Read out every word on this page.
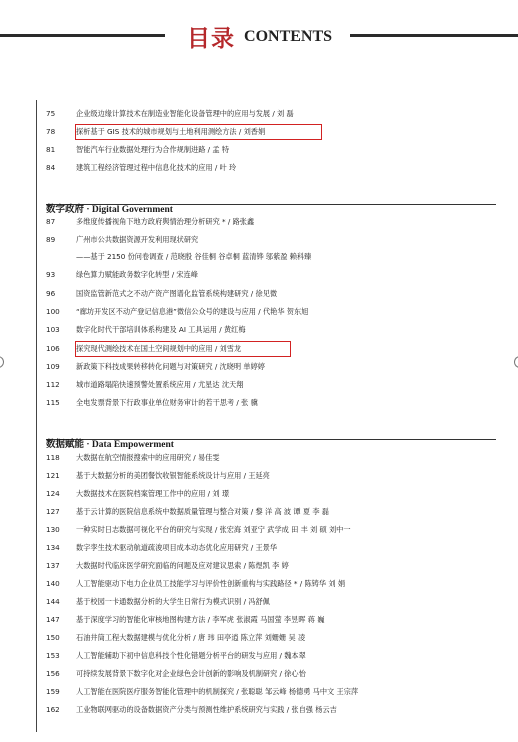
目录 CONTENTS
75	企业级边缘计算技术在制造业智能化设备管理中的应用与发展 / 刘 磊
78	探析基于 GIS 技术的城市规划与土地利用测绘方法 / 刘香娟
81	智能汽车行业数据处理行为合作规制进路 / 孟 特
84	建筑工程经济管理过程中信息化技术的应用 / 叶 玲
数字政府 · Digital Government
87	多维度传播视角下地方政府舆情治理分析研究 * / 路张鑫
89	广州市公共数据资源开发利用现状研究
——基于 2150 份问卷调查 / 范晓殷 谷佳桐 谷卓桐 蓝清铧 邬紫盈 赖科臻
93	绿色算力赋能政务数字化转型 / 宋连峰
96	国资监管新范式之不动产资产图谱化监管系统构建研究 / 徐见微
100	“廊坊开发区不动产登记信息港”微信公众号的建设与应用 / 代艳华 贺东旭
103	数字化时代干部培训体系构建及 AI 工具运用 / 黄红梅
106	探究现代测绘技术在国土空间规划中的应用 / 刘雪龙
109	新政策下科技成果转移转化问题与对策研究 / 沈晓明 单婷婷
112	城市道路塌陷快速预警处置系统应用 / 尤星达 沈天翔
115	全电发票背景下行政事业单位财务审计的若干思考 / 张 骥
数据赋能 · Data Empowerment
118	大数据在航空情报搜索中的应用研究 / 易佳雯
121	基于大数据分析的美团餐饮收银智能系统设计与应用 / 王延亮
124	大数据技术在医院档案管理工作中的应用 / 刘 璟
127	基于云计算的医院信息系统中数据质量管理与整合对策 / 黎 洋 高 波 谭 夏 李 磊
130	一种实时日志数据可视化平台的研究与实现 / 张宏海 刘亚宁 武学成 田 丰 刘 硕 刘中一
134	数字孪生技术驱动航道疏浚项目成本动态优化应用研究 / 王景华
137	大数据时代临床医学研究面临的问题及应对建议思索 / 陈煜凯 李 婷
140	人工智能驱动下电力企业员工技能学习与评价性创新重构与实践路径 * / 陈铸华 刘 娟
144	基于校园一卡通数据分析的大学生日常行为模式识别 / 冯舒佩
147	基于深度学习的智能化审核地图构建方法 / 李军虎 张淑霞 马国萤 李昱晖 蒋 巍
150	石油井筒工程大数据建模与优化分析 / 唐 玮 田亭逍 陈立萍 刘姗姗 吴 凌
153	人工智能辅助下初中信息科技个性化错题分析平台的研发与应用 / 魏本翠
156	可持续发展背景下数字化对企业绿色会计创新的影响及机制研究 / 徐心怡
159	人工智能在医院医疗服务智能化管理中的机制探究 / 张聪聪 邹云峰 杨德勇 马中文 王宗萍
162	工业物联网驱动的设备数据资产分类与预测性维护系统研究与实践 / 张自强 杨云吉
